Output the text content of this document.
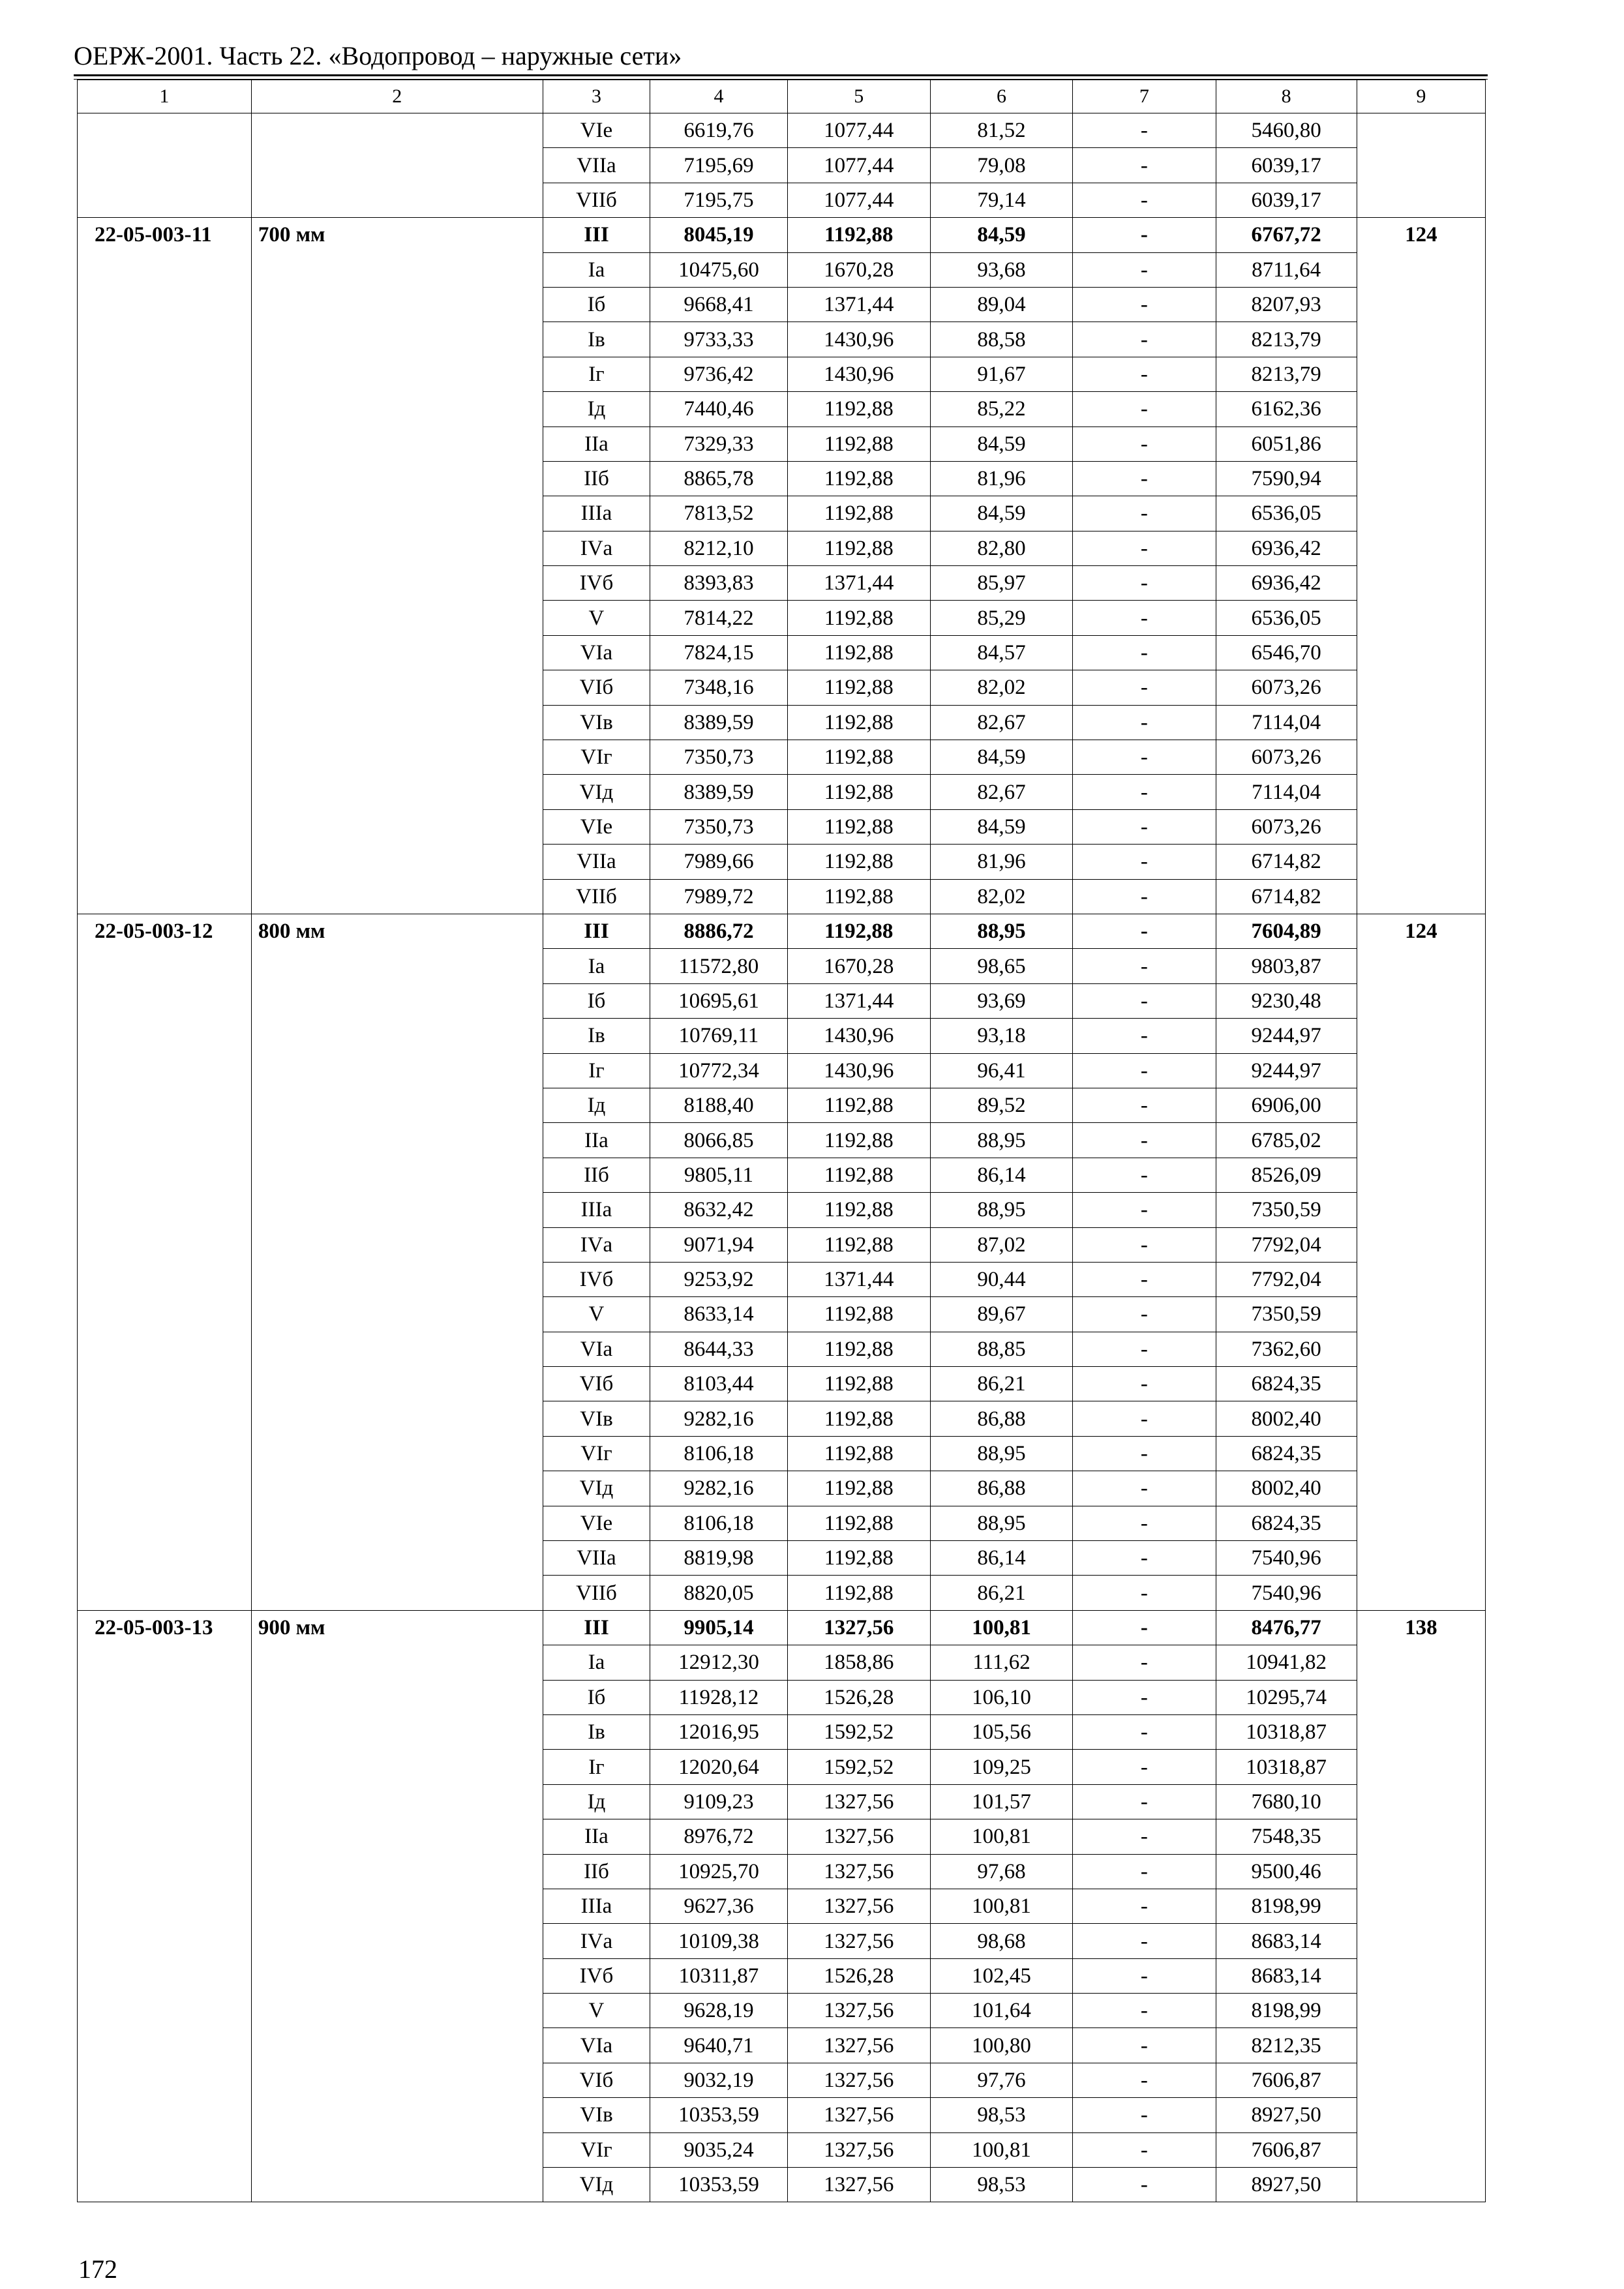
ОЕРЖ-2001. Часть 22. «Водопровод – наружные сети»
1	2	3	4	5	6	7	8	9
		VIе	6619,76	1077,44	81,52	-	5460,80	
		VIIа	7195,69	1077,44	79,08	-	6039,17	
		VIIб	7195,75	1077,44	79,14	-	6039,17	
22-05-003-11	700 мм	III	8045,19	1192,88	84,59	-	6767,72	124
		Iа	10475,60	1670,28	93,68	-	8711,64	
		Iб	9668,41	1371,44	89,04	-	8207,93	
		Iв	9733,33	1430,96	88,58	-	8213,79	
		Iг	9736,42	1430,96	91,67	-	8213,79	
		Iд	7440,46	1192,88	85,22	-	6162,36	
		IIа	7329,33	1192,88	84,59	-	6051,86	
		IIб	8865,78	1192,88	81,96	-	7590,94	
		IIIа	7813,52	1192,88	84,59	-	6536,05	
		IVа	8212,10	1192,88	82,80	-	6936,42	
		IVб	8393,83	1371,44	85,97	-	6936,42	
		V	7814,22	1192,88	85,29	-	6536,05	
		VIа	7824,15	1192,88	84,57	-	6546,70	
		VIб	7348,16	1192,88	82,02	-	6073,26	
		VIв	8389,59	1192,88	82,67	-	7114,04	
		VIг	7350,73	1192,88	84,59	-	6073,26	
		VIд	8389,59	1192,88	82,67	-	7114,04	
		VIе	7350,73	1192,88	84,59	-	6073,26	
		VIIа	7989,66	1192,88	81,96	-	6714,82	
		VIIб	7989,72	1192,88	82,02	-	6714,82	
22-05-003-12	800 мм	III	8886,72	1192,88	88,95	-	7604,89	124
		Iа	11572,80	1670,28	98,65	-	9803,87	
		Iб	10695,61	1371,44	93,69	-	9230,48	
		Iв	10769,11	1430,96	93,18	-	9244,97	
		Iг	10772,34	1430,96	96,41	-	9244,97	
		Iд	8188,40	1192,88	89,52	-	6906,00	
		IIа	8066,85	1192,88	88,95	-	6785,02	
		IIб	9805,11	1192,88	86,14	-	8526,09	
		IIIа	8632,42	1192,88	88,95	-	7350,59	
		IVа	9071,94	1192,88	87,02	-	7792,04	
		IVб	9253,92	1371,44	90,44	-	7792,04	
		V	8633,14	1192,88	89,67	-	7350,59	
		VIа	8644,33	1192,88	88,85	-	7362,60	
		VIб	8103,44	1192,88	86,21	-	6824,35	
		VIв	9282,16	1192,88	86,88	-	8002,40	
		VIг	8106,18	1192,88	88,95	-	6824,35	
		VIд	9282,16	1192,88	86,88	-	8002,40	
		VIе	8106,18	1192,88	88,95	-	6824,35	
		VIIа	8819,98	1192,88	86,14	-	7540,96	
		VIIб	8820,05	1192,88	86,21	-	7540,96	
22-05-003-13	900 мм	III	9905,14	1327,56	100,81	-	8476,77	138
		Iа	12912,30	1858,86	111,62	-	10941,82	
		Iб	11928,12	1526,28	106,10	-	10295,74	
		Iв	12016,95	1592,52	105,56	-	10318,87	
		Iг	12020,64	1592,52	109,25	-	10318,87	
		Iд	9109,23	1327,56	101,57	-	7680,10	
		IIа	8976,72	1327,56	100,81	-	7548,35	
		IIб	10925,70	1327,56	97,68	-	9500,46	
		IIIа	9627,36	1327,56	100,81	-	8198,99	
		IVа	10109,38	1327,56	98,68	-	8683,14	
		IVб	10311,87	1526,28	102,45	-	8683,14	
		V	9628,19	1327,56	101,64	-	8198,99	
		VIа	9640,71	1327,56	100,80	-	8212,35	
		VIб	9032,19	1327,56	97,76	-	7606,87	
		VIв	10353,59	1327,56	98,53	-	8927,50	
		VIг	9035,24	1327,56	100,81	-	7606,87	
		VIд	10353,59	1327,56	98,53	-	8927,50	
172
